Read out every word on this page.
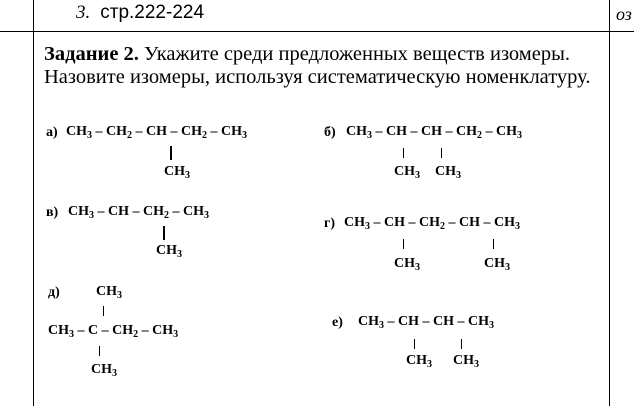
3. стр.222-224	оз
Задание 2. Укажите среди предложенных веществ изомеры. Назовите изомеры, используя систематическую номенклатуру.
а) $CH_3 - CH_2$ – CH – $CH_2 - CH_3$
$CH_3$
б) $CH_3$ – CH – CH – $CH_2 - CH_3$
$CH_3$ $CH_3$
в) $CH_3$ – CH – $CH_2 - CH_3$
$CH_3$
г) $CH_3$ – CH – $CH_2$ – CH – $CH_3$
$CH_3$	$CH_3$
д)	$CH_3$
$CH_3$ – C – $CH_2 - CH_3$
$CH_3$
е) $CH_3$ – CH – CH – $CH_3$
$CH_3$ $CH_3$
